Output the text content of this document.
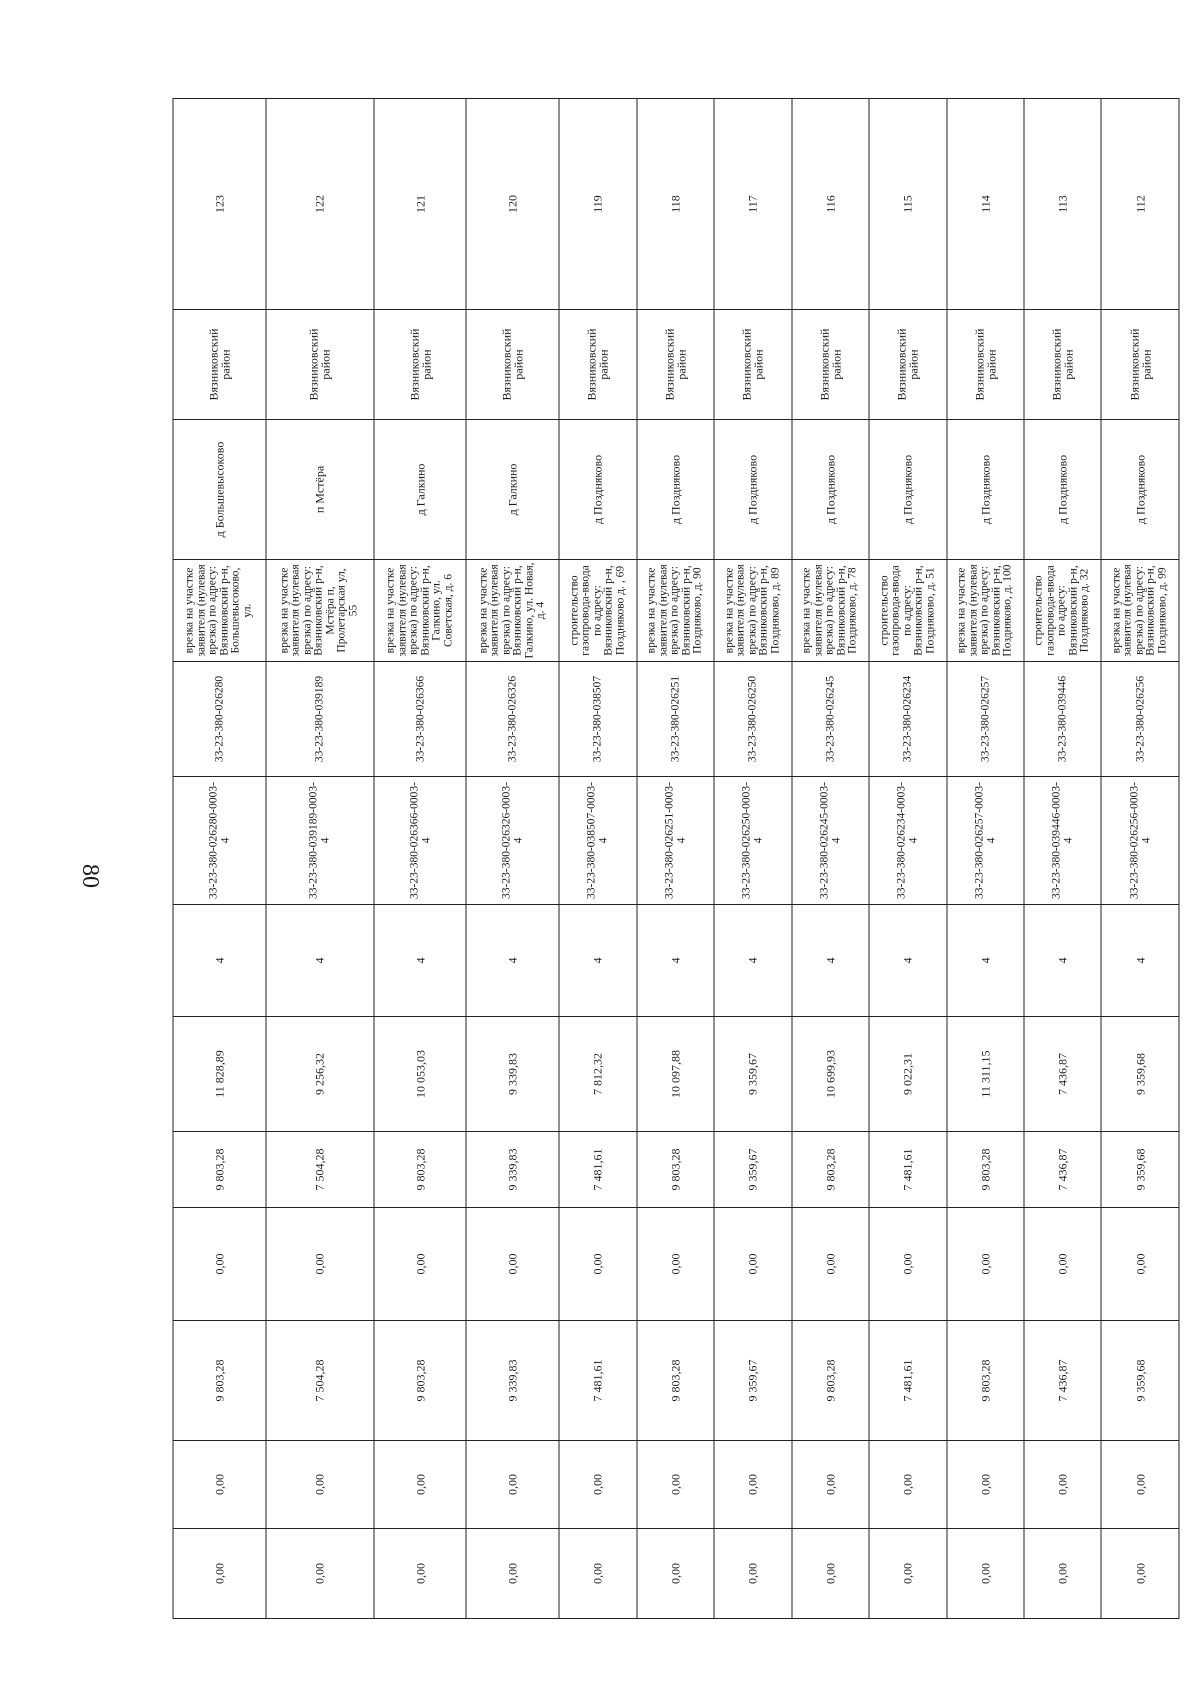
80
0,00	0,00	9 803,28	0,00	9 803,28	11 828,89	4	33-23-380-026280-0003-4	33-23-380-026280	врезка на участке заявителя (нулевая врезка) по адресу: Вязниковский р-н, Большевысоково, ул.	д Большевысоково	Вязниковский район	123
0,00	0,00	7 504,28	0,00	7 504,28	9 256,32	4	33-23-380-039189-0003-4	33-23-380-039189	врезка на участке заявителя (нулевая врезка) по адресу: Вязниковский р-н, Мстёра п, Пролетарская ул, 55	п Мстёра	Вязниковский район	122
0,00	0,00	9 803,28	0,00	9 803,28	10 053,03	4	33-23-380-026366-0003-4	33-23-380-026366	врезка на участке заявителя (нулевая врезка) по адресу: Вязниковский р-н, Галкино, ул. Советская, д. 6	д Галкино	Вязниковский район	121
0,00	0,00	9 339,83	0,00	9 339,83	9 339,83	4	33-23-380-026326-0003-4	33-23-380-026326	врезка на участке заявителя (нулевая врезка) по адресу: Вязниковский р-н, Галкино, ул. Новая, д. 4	д Галкино	Вязниковский район	120
0,00	0,00	7 481,61	0,00	7 481,61	7 812,32	4	33-23-380-038507-0003-4	33-23-380-038507	строительство газопровода-ввода по адресу: Вязниковский р-н, Поздняково д. , 69	д Поздняково	Вязниковский район	119
0,00	0,00	9 803,28	0,00	9 803,28	10 097,88	4	33-23-380-026251-0003-4	33-23-380-026251	врезка на участке заявителя (нулевая врезка) по адресу: Вязниковский р-н, Поздняково, д. 90	д Поздняково	Вязниковский район	118
0,00	0,00	9 359,67	0,00	9 359,67	9 359,67	4	33-23-380-026250-0003-4	33-23-380-026250	врезка на участке заявителя (нулевая врезка) по адресу: Вязниковский р-н, Поздняково, д. 89	д Поздняково	Вязниковский район	117
0,00	0,00	9 803,28	0,00	9 803,28	10 699,93	4	33-23-380-026245-0003-4	33-23-380-026245	врезка на участке заявителя (нулевая врезка) по адресу: Вязниковский р-н, Поздняково, д. 78	д Поздняково	Вязниковский район	116
0,00	0,00	7 481,61	0,00	7 481,61	9 022,31	4	33-23-380-026234-0003-4	33-23-380-026234	строительство газопровода-ввода по адресу: Вязниковский р-н, Поздняково, д. 51	д Поздняково	Вязниковский район	115
0,00	0,00	9 803,28	0,00	9 803,28	11 311,15	4	33-23-380-026257-0003-4	33-23-380-026257	врезка на участке заявителя (нулевая врезка) по адресу: Вязниковский р-н, Поздняково, д. 100	д Поздняково	Вязниковский район	114
0,00	0,00	7 436,87	0,00	7 436,87	7 436,87	4	33-23-380-039446-0003-4	33-23-380-039446	строительство газопровода-ввода по адресу: Вязниковский р-н, Поздняково д. 32	д Поздняково	Вязниковский район	113
0,00	0,00	9 359,68	0,00	9 359,68	9 359,68	4	33-23-380-026256-0003-4	33-23-380-026256	врезка на участке заявителя (нулевая врезка) по адресу: Вязниковский р-н, Поздняково, д. 99	д Поздняково	Вязниковский район	112
